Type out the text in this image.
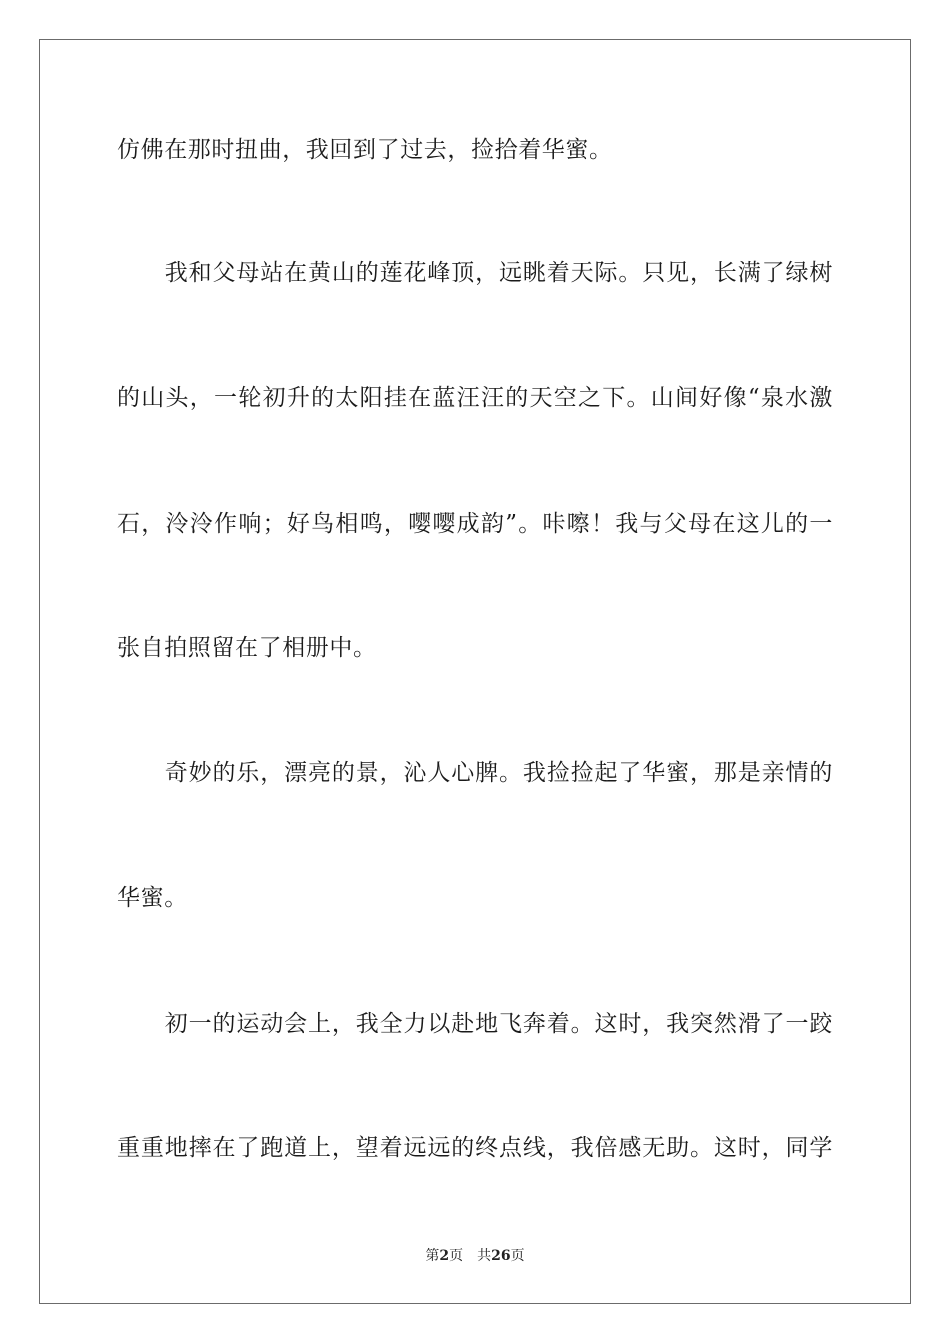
仿佛在那时扭曲，我回到了过去，捡拾着华蜜。
　　我和父母站在黄山的莲花峰顶，远眺着天际。只见，长满了绿树
的山头，一轮初升的太阳挂在蓝汪汪的天空之下。山间好像“泉水激
石，泠泠作响；好鸟相鸣，嘤嘤成韵”。咔嚓！我与父母在这儿的一
张自拍照留在了相册中。
　　奇妙的乐，漂亮的景，沁人心脾。我捡捡起了华蜜，那是亲情的
华蜜。
　　初一的运动会上，我全力以赴地飞奔着。这时，我突然滑了一跤
重重地摔在了跑道上，望着远远的终点线，我倍感无助。这时，同学
第2页 共26页
